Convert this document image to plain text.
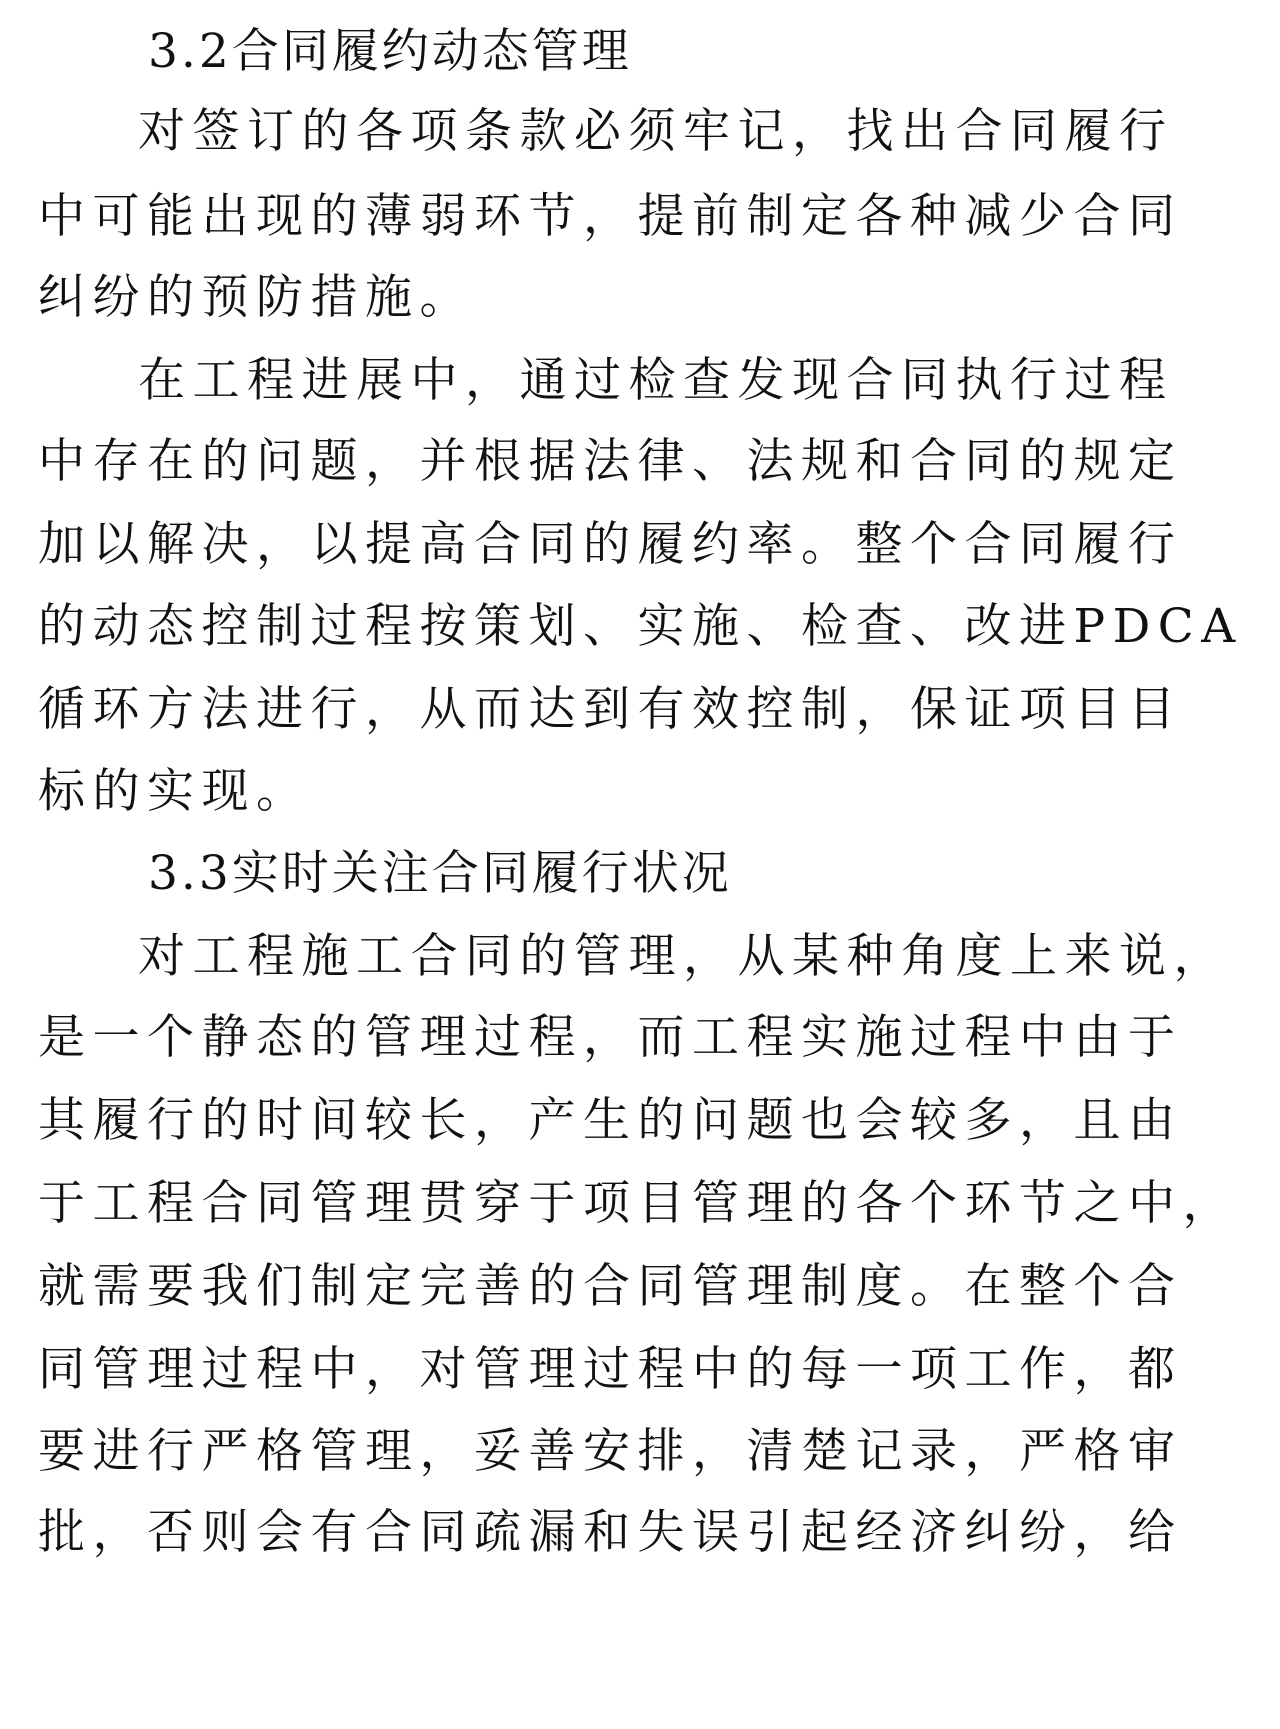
3.2合同履约动态管理
对签订的各项条款必须牢记，找出合同履行
中可能出现的薄弱环节，提前制定各种减少合同
纠纷的预防措施。
在工程进展中，通过检查发现合同执行过程
中存在的问题，并根据法律、法规和合同的规定
加以解决，以提高合同的履约率。整个合同履行
的动态控制过程按策划、实施、检查、改进PDCA
循环方法进行，从而达到有效控制，保证项目目
标的实现。
3.3实时关注合同履行状况
对工程施工合同的管理，从某种角度上来说，
是一个静态的管理过程，而工程实施过程中由于
其履行的时间较长，产生的问题也会较多，且由
于工程合同管理贯穿于项目管理的各个环节之中，
就需要我们制定完善的合同管理制度。在整个合
同管理过程中，对管理过程中的每一项工作，都
要进行严格管理，妥善安排，清楚记录，严格审
批，否则会有合同疏漏和失误引起经济纠纷，给
